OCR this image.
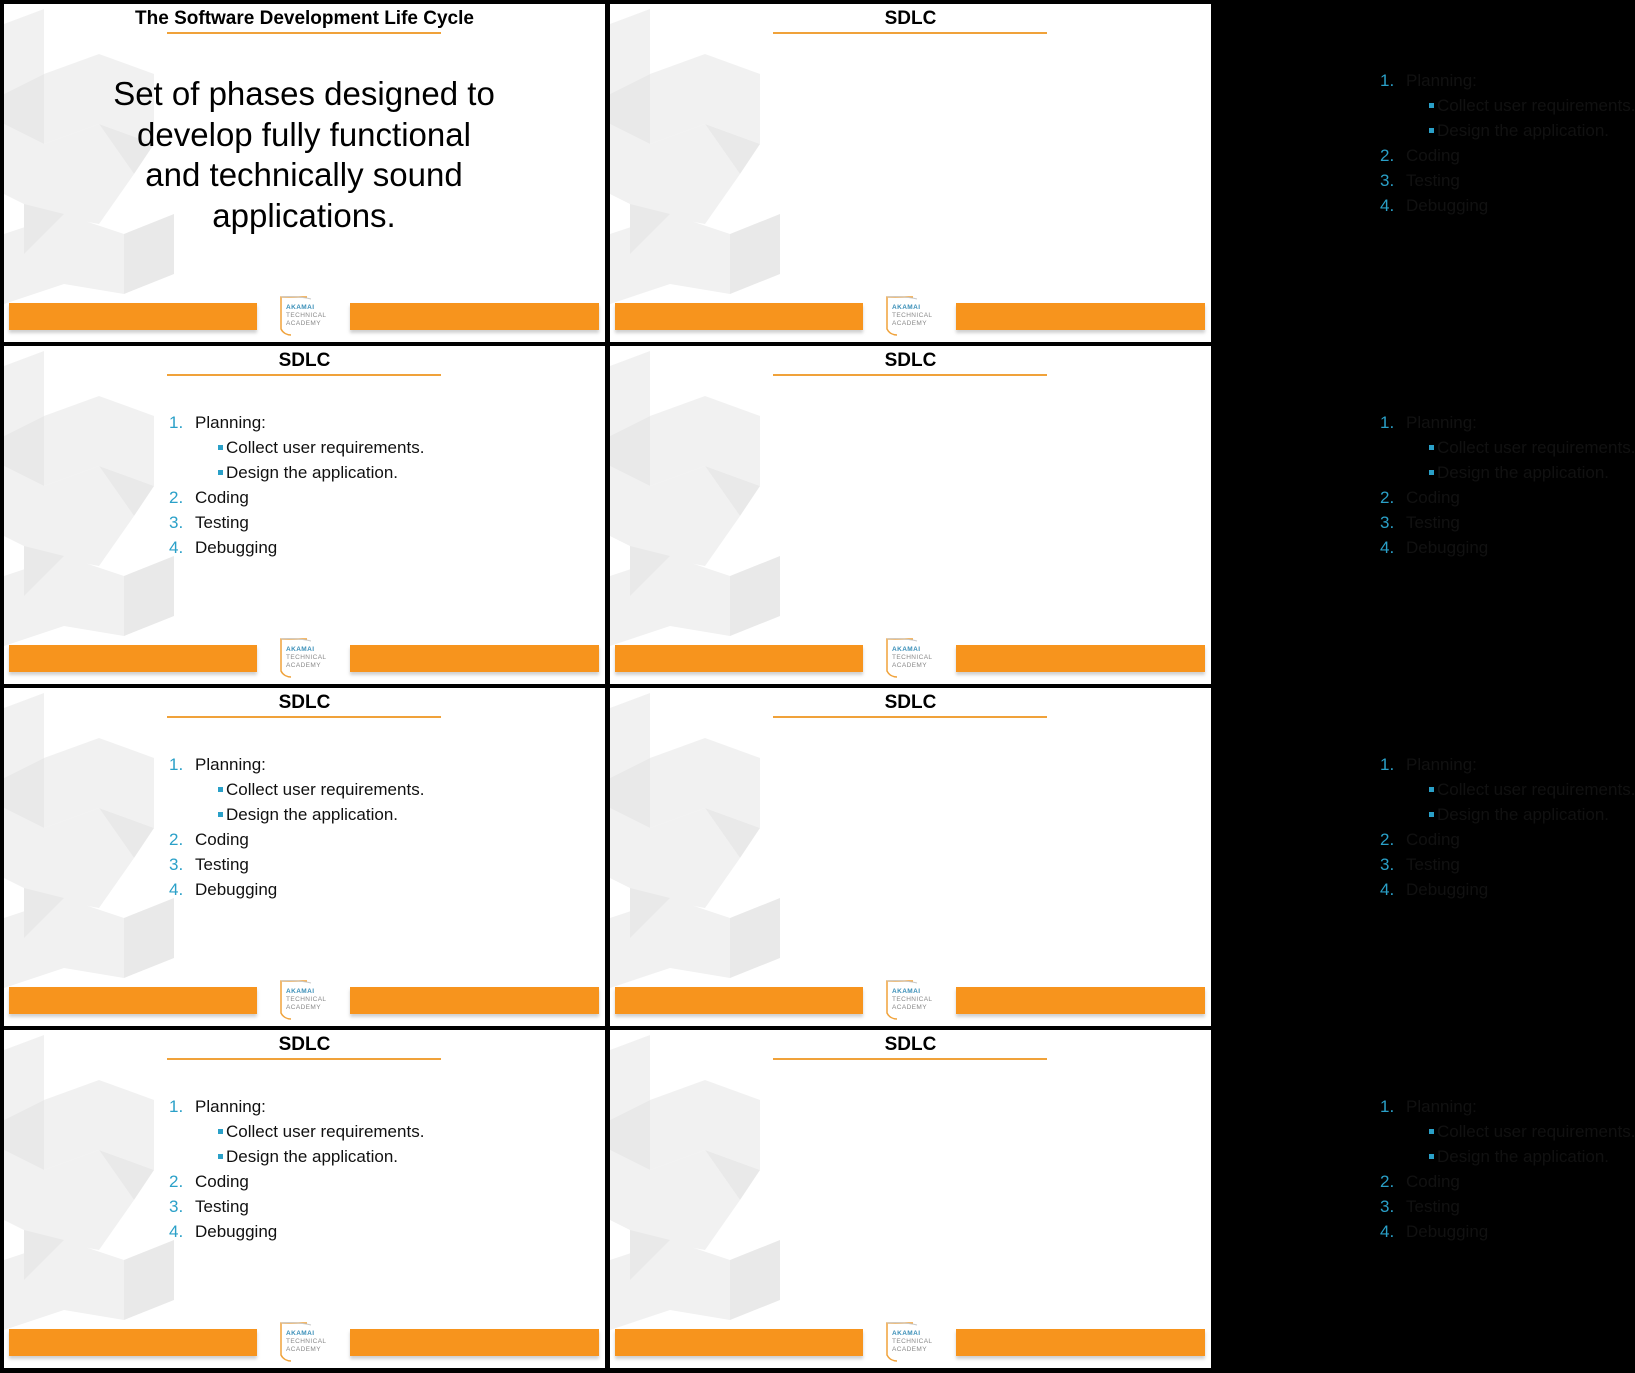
The Software Development Life Cycle
Set of phases designed to
develop fully functional
and technically sound
applications.
AKAMAI
TECHNICAL
ACADEMY
SDLC
1. Planning:
Collect user requirements.
Design the application.
2. Coding
3. Testing
4. Debugging
AKAMAI
TECHNICAL
ACADEMY
SDLC
1. Planning:
Collect user requirements.
Design the application.
2. Coding
3. Testing
4. Debugging
AKAMAI
TECHNICAL
ACADEMY
SDLC
1. Planning:
Collect user requirements.
Design the application.
2. Coding
3. Testing
4. Debugging
AKAMAI
TECHNICAL
ACADEMY
SDLC
1. Planning:
Collect user requirements.
Design the application.
2. Coding
3. Testing
4. Debugging
AKAMAI
TECHNICAL
ACADEMY
SDLC
1. Planning:
Collect user requirements.
Design the application.
2. Coding
3. Testing
4. Debugging
AKAMAI
TECHNICAL
ACADEMY
SDLC
1. Planning:
Collect user requirements.
Design the application.
2. Coding
3. Testing
4. Debugging
AKAMAI
TECHNICAL
ACADEMY
SDLC
1. Planning:
Collect user requirements.
Design the application.
2. Coding
3. Testing
4. Debugging
AKAMAI
TECHNICAL
ACADEMY
